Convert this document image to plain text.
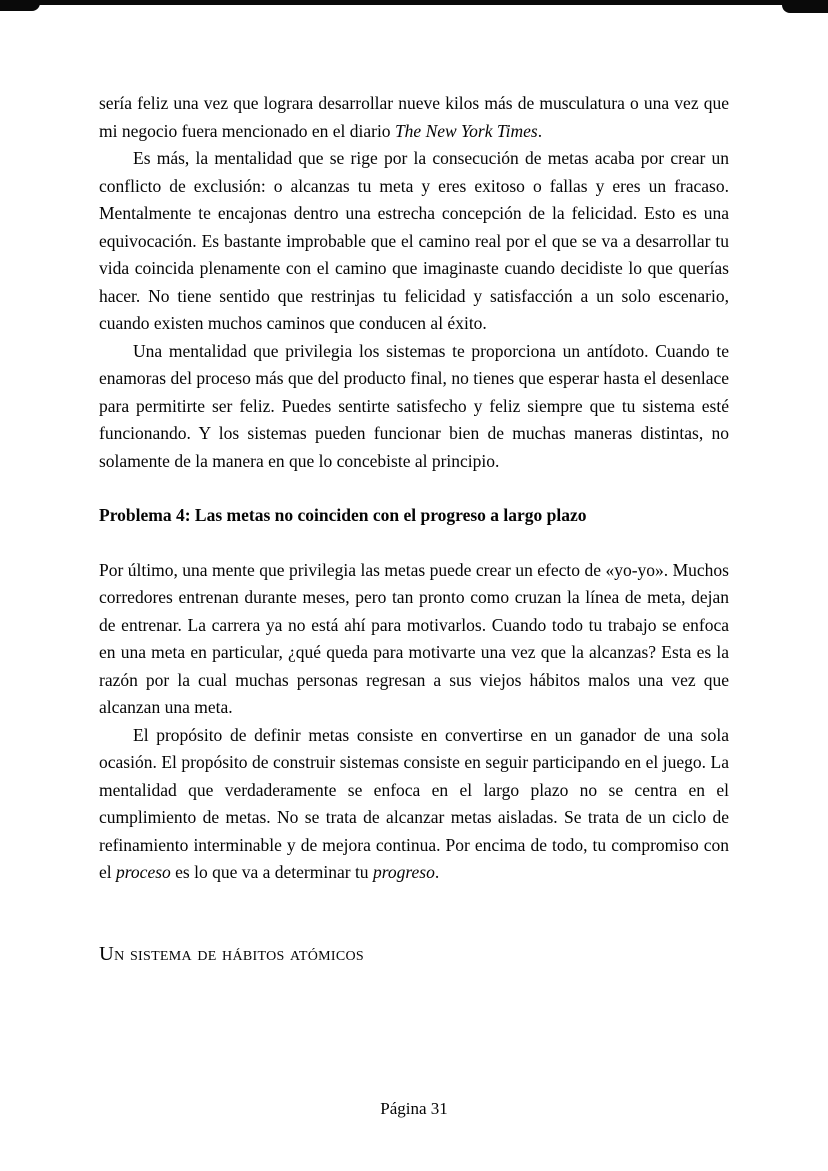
sería feliz una vez que lograra desarrollar nueve kilos más de musculatura o una vez que mi negocio fuera mencionado en el diario The New York Times.

Es más, la mentalidad que se rige por la consecución de metas acaba por crear un conflicto de exclusión: o alcanzas tu meta y eres exitoso o fallas y eres un fracaso. Mentalmente te encajonas dentro una estrecha concepción de la felicidad. Esto es una equivocación. Es bastante improbable que el camino real por el que se va a desarrollar tu vida coincida plenamente con el camino que imaginaste cuando decidiste lo que querías hacer. No tiene sentido que restrinjas tu felicidad y satisfacción a un solo escenario, cuando existen muchos caminos que conducen al éxito.

Una mentalidad que privilegia los sistemas te proporciona un antídoto. Cuando te enamoras del proceso más que del producto final, no tienes que esperar hasta el desenlace para permitirte ser feliz. Puedes sentirte satisfecho y feliz siempre que tu sistema esté funcionando. Y los sistemas pueden funcionar bien de muchas maneras distintas, no solamente de la manera en que lo concebiste al principio.

Problema 4: Las metas no coinciden con el progreso a largo plazo

Por último, una mente que privilegia las metas puede crear un efecto de «yo-yo». Muchos corredores entrenan durante meses, pero tan pronto como cruzan la línea de meta, dejan de entrenar. La carrera ya no está ahí para motivarlos. Cuando todo tu trabajo se enfoca en una meta en particular, ¿qué queda para motivarte una vez que la alcanzas? Esta es la razón por la cual muchas personas regresan a sus viejos hábitos malos una vez que alcanzan una meta.

El propósito de definir metas consiste en convertirse en un ganador de una sola ocasión. El propósito de construir sistemas consiste en seguir participando en el juego. La mentalidad que verdaderamente se enfoca en el largo plazo no se centra en el cumplimiento de metas. No se trata de alcanzar metas aisladas. Se trata de un ciclo de refinamiento interminable y de mejora continua. Por encima de todo, tu compromiso con el proceso es lo que va a determinar tu progreso.

Un sistema de hábitos atómicos
Página 31
